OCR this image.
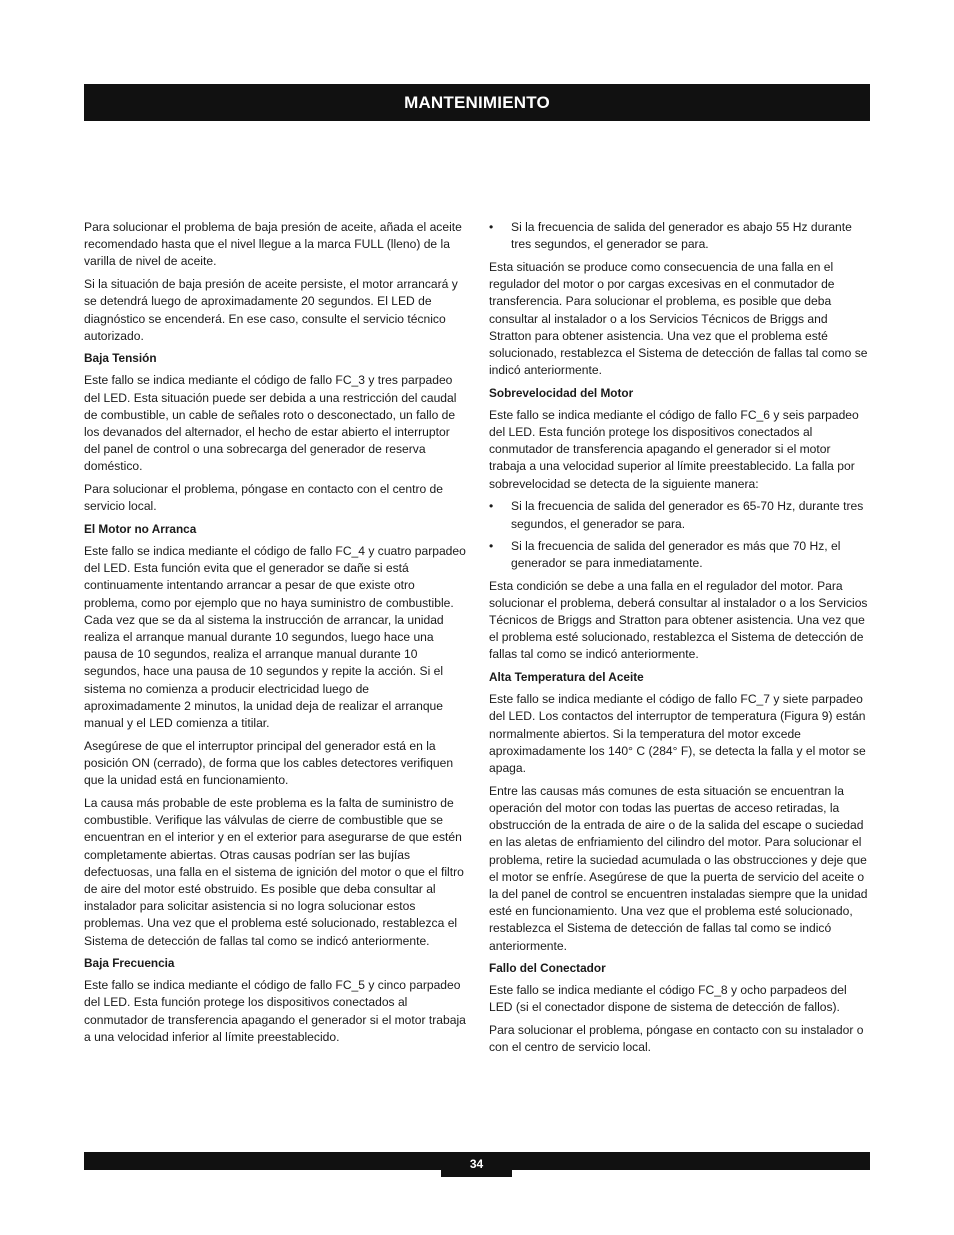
MANTENIMIENTO

Para solucionar el problema de baja presión de aceite, añada el aceite recomendado hasta que el nivel llegue a la marca FULL (lleno) de la varilla de nivel de aceite.

Si la situación de baja presión de aceite persiste, el motor arrancará y se detendrá luego de aproximadamente 20 segundos. El LED de diagnóstico se encenderá. En ese caso, consulte el servicio técnico autorizado.

Baja Tensión

Este fallo se indica mediante el código de fallo FC_3 y tres parpadeo del LED. Esta situación puede ser debida a una restricción del caudal de combustible, un cable de señales roto o desconectado, un fallo de los devanados del alternador, el hecho de estar abierto el interruptor del panel de control o una sobrecarga del generador de reserva doméstico.

Para solucionar el problema, póngase en contacto con el centro de servicio local.

El Motor no Arranca

Este fallo se indica mediante el código de fallo FC_4 y cuatro parpadeo del LED. Esta función evita que el generador se dañe si está continuamente intentando arrancar a pesar de que existe otro problema, como por ejemplo que no haya suministro de combustible. Cada vez que se da al sistema la instrucción de arrancar, la unidad realiza el arranque manual durante 10 segundos, luego hace una pausa de 10 segundos, realiza el arranque manual durante 10 segundos, hace una pausa de 10 segundos y repite la acción. Si el sistema no comienza a producir electricidad luego de aproximadamente 2 minutos, la unidad deja de realizar el arranque manual y el LED comienza a titilar.

Asegúrese de que el interruptor principal del generador está en la posición ON (cerrado), de forma que los cables detectores verifiquen que la unidad está en funcionamiento.

La causa más probable de este problema es la falta de suministro de combustible. Verifique las válvulas de cierre de combustible que se encuentran en el interior y en el exterior para asegurarse de que estén completamente abiertas. Otras causas podrían ser las bujías defectuosas, una falla en el sistema de ignición del motor o que el filtro de aire del motor esté obstruido. Es posible que deba consultar al instalador para solicitar asistencia si no logra solucionar estos problemas. Una vez que el problema esté solucionado, restablezca el Sistema de detección de fallas tal como se indicó anteriormente.

Baja Frecuencia

Este fallo se indica mediante el código de fallo FC_5 y cinco parpadeo del LED. Esta función protege los dispositivos conectados al conmutador de transferencia apagando el generador si el motor trabaja a una velocidad inferior al límite preestablecido.

• Si la frecuencia de salida del generador es abajo 55 Hz durante tres segundos, el generador se para.

Esta situación se produce como consecuencia de una falla en el regulador del motor o por cargas excesivas en el conmutador de transferencia. Para solucionar el problema, es posible que deba consultar al instalador o a los Servicios Técnicos de Briggs and Stratton para obtener asistencia. Una vez que el problema esté solucionado, restablezca el Sistema de detección de fallas tal como se indicó anteriormente.

Sobrevelocidad del Motor

Este fallo se indica mediante el código de fallo FC_6 y seis parpadeo del LED. Esta función protege los dispositivos conectados al conmutador de transferencia apagando el generador si el motor trabaja a una velocidad superior al límite preestablecido. La falla por sobrevelocidad se detecta de la siguiente manera:

• Si la frecuencia de salida del generador es 65-70 Hz, durante tres segundos, el generador se para.
• Si la frecuencia de salida del generador es más que 70 Hz, el generador se para inmediatamente.

Esta condición se debe a una falla en el regulador del motor. Para solucionar el problema, deberá consultar al instalador o a los Servicios Técnicos de Briggs and Stratton para obtener asistencia. Una vez que el problema esté solucionado, restablezca el Sistema de detección de fallas tal como se indicó anteriormente.

Alta Temperatura del Aceite

Este fallo se indica mediante el código de fallo FC_7 y siete parpadeo del LED. Los contactos del interruptor de temperatura (Figura 9) están normalmente abiertos. Si la temperatura del motor excede aproximadamente los 140° C (284° F), se detecta la falla y el motor se apaga.

Entre las causas más comunes de esta situación se encuentran la operación del motor con todas las puertas de acceso retiradas, la obstrucción de la entrada de aire o de la salida del escape o suciedad en las aletas de enfriamiento del cilindro del motor. Para solucionar el problema, retire la suciedad acumulada o las obstrucciones y deje que el motor se enfríe. Asegúrese de que la puerta de servicio del aceite o la del panel de control se encuentren instaladas siempre que la unidad esté en funcionamiento. Una vez que el problema esté solucionado, restablezca el Sistema de detección de fallas tal como se indicó anteriormente.

Fallo del Conectador

Este fallo se indica mediante el código FC_8 y ocho parpadeos del LED (si el conectador dispone de sistema de detección de fallos).

Para solucionar el problema, póngase en contacto con su instalador o con el centro de servicio local.

34
